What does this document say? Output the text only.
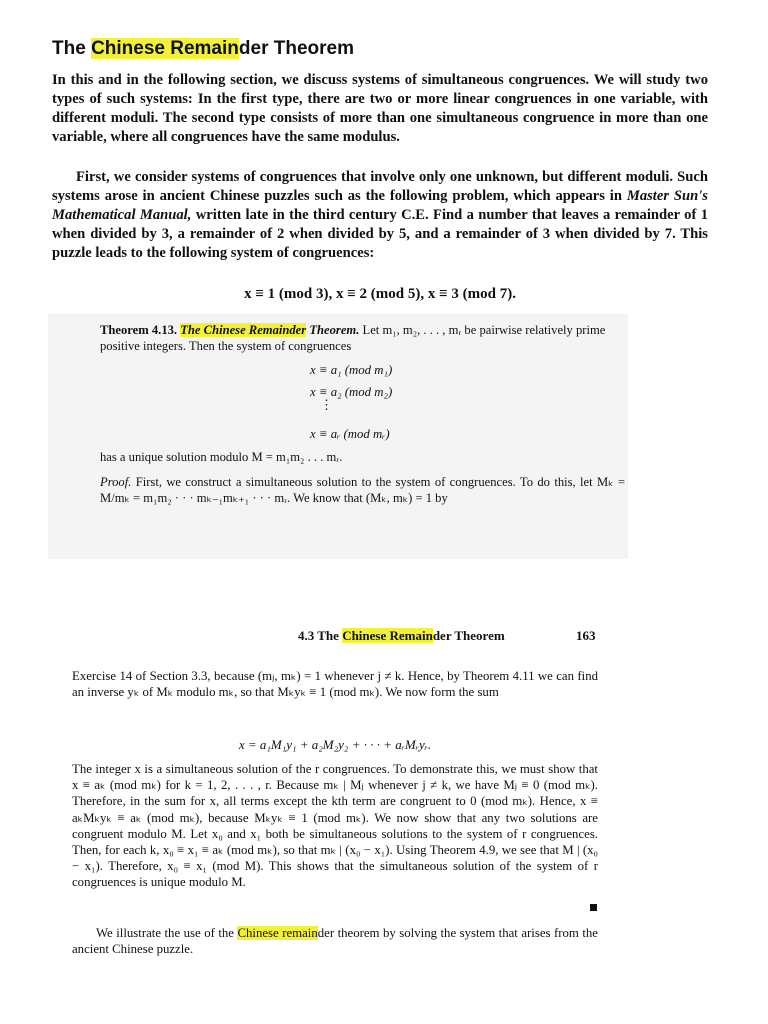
The Chinese Remainder Theorem

In this and in the following section, we discuss systems of simultaneous congruences. We will study two types of such systems: In the first type, there are two or more linear congruences in one variable, with different moduli. The second type consists of more than one simultaneous congruence in more than one variable, where all congruences have the same modulus.

First, we consider systems of congruences that involve only one unknown, but different moduli. Such systems arose in ancient Chinese puzzles such as the following problem, which appears in Master Sun's Mathematical Manual, written late in the third century C.E. Find a number that leaves a remainder of 1 when divided by 3, a remainder of 2 when divided by 5, and a remainder of 3 when divided by 7. This puzzle leads to the following system of congruences:

x ≡ 1 (mod 3), x ≡ 2 (mod 5), x ≡ 3 (mod 7).

Theorem 4.13. The Chinese Remainder Theorem. Let m₁, m₂, . . . , mᵣ be pairwise relatively prime positive integers. Then the system of congruences

x ≡ a₁ (mod m₁)
x ≡ a₂ (mod m₂)
⋮
x ≡ aᵣ (mod mᵣ)

has a unique solution modulo M = m₁m₂ . . . mᵣ.

Proof. First, we construct a simultaneous solution to the system of congruences. To do this, let Mₖ = M/mₖ = m₁m₂ · · · mₖ₋₁mₖ₊₁ · · · mᵣ. We know that (Mₖ, mₖ) = 1 by

4.3 The Chinese Remainder Theorem	163

Exercise 14 of Section 3.3, because (mⱼ, mₖ) = 1 whenever j ≠ k. Hence, by Theorem 4.11 we can find an inverse yₖ of Mₖ modulo mₖ, so that Mₖyₖ ≡ 1 (mod mₖ). We now form the sum

x = a₁M₁y₁ + a₂M₂y₂ + · · · + aᵣMᵣyᵣ.

The integer x is a simultaneous solution of the r congruences. To demonstrate this, we must show that x ≡ aₖ (mod mₖ) for k = 1, 2, . . . , r. Because mₖ | Mⱼ whenever j ≠ k, we have Mⱼ ≡ 0 (mod mₖ). Therefore, in the sum for x, all terms except the kth term are congruent to 0 (mod mₖ). Hence, x ≡ aₖMₖyₖ ≡ aₖ (mod mₖ), because Mₖyₖ ≡ 1 (mod mₖ). We now show that any two solutions are congruent modulo M. Let x₀ and x₁ both be simultaneous solutions to the system of r congruences. Then, for each k, x₀ ≡ x₁ ≡ aₖ (mod mₖ), so that mₖ | (x₀ − x₁). Using Theorem 4.9, we see that M | (x₀ − x₁). Therefore, x₀ ≡ x₁ (mod M). This shows that the simultaneous solution of the system of r congruences is unique modulo M.

We illustrate the use of the Chinese remainder theorem by solving the system that arises from the ancient Chinese puzzle.
